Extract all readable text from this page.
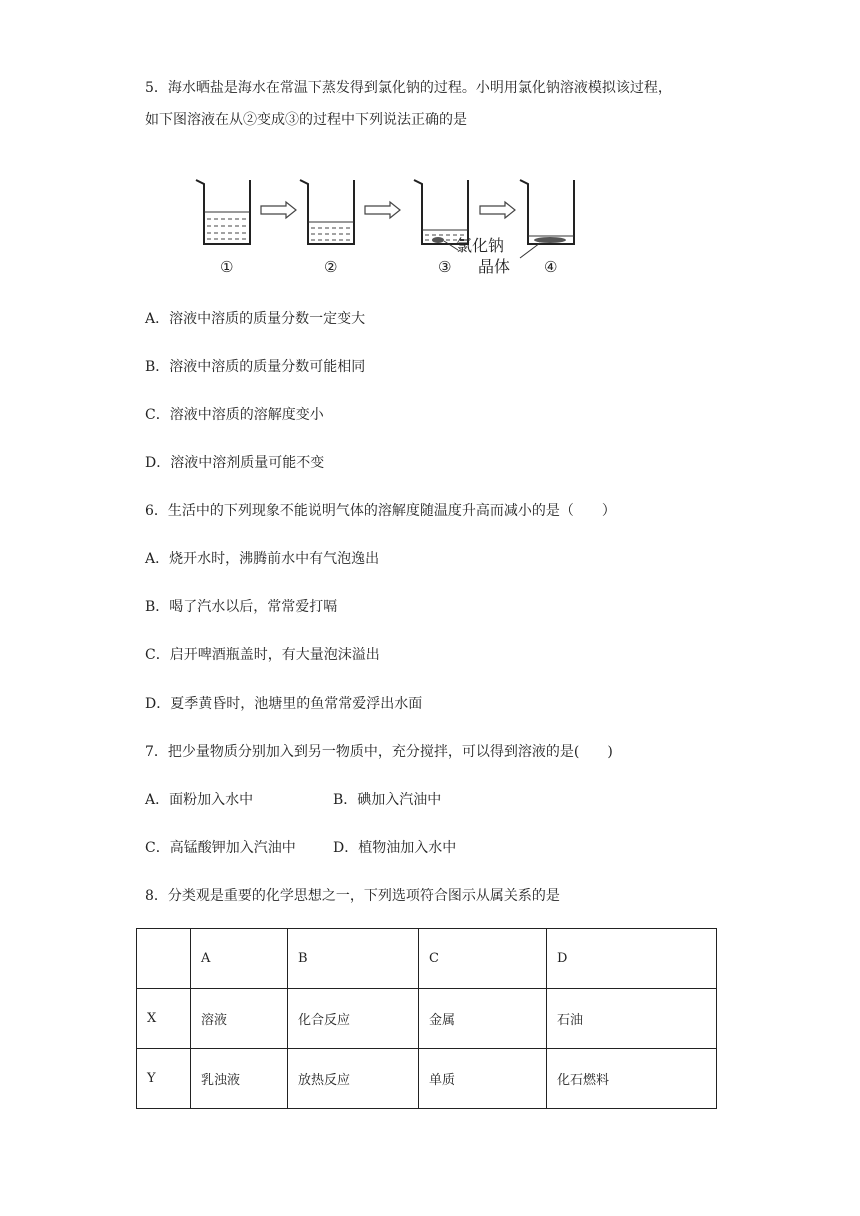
5．海水晒盐是海水在常温下蒸发得到氯化钠的过程。小明用氯化钠溶液模拟该过程，
如下图溶液在从②变成③的过程中下列说法正确的是
①	②	③	④
氯化钠
晶体
A．溶液中溶质的质量分数一定变大
B．溶液中溶质的质量分数可能相同
C．溶液中溶质的溶解度变小
D．溶液中溶剂质量可能不变
6．生活中的下列现象不能说明气体的溶解度随温度升高而减小的是（　　）
A．烧开水时，沸腾前水中有气泡逸出
B．喝了汽水以后，常常爱打嗝
C．启开啤酒瓶盖时，有大量泡沫溢出
D．夏季黄昏时，池塘里的鱼常常爱浮出水面
7．把少量物质分别加入到另一物质中，充分搅拌，可以得到溶液的是(　　)
A．面粉加入水中	B．碘加入汽油中
C．高锰酸钾加入汽油中	D．植物油加入水中
8．分类观是重要的化学思想之一，下列选项符合图示从属关系的是
	A	B	C	D
X	溶液	化合反应	金属	石油
Y	乳浊液	放热反应	单质	化石燃料
